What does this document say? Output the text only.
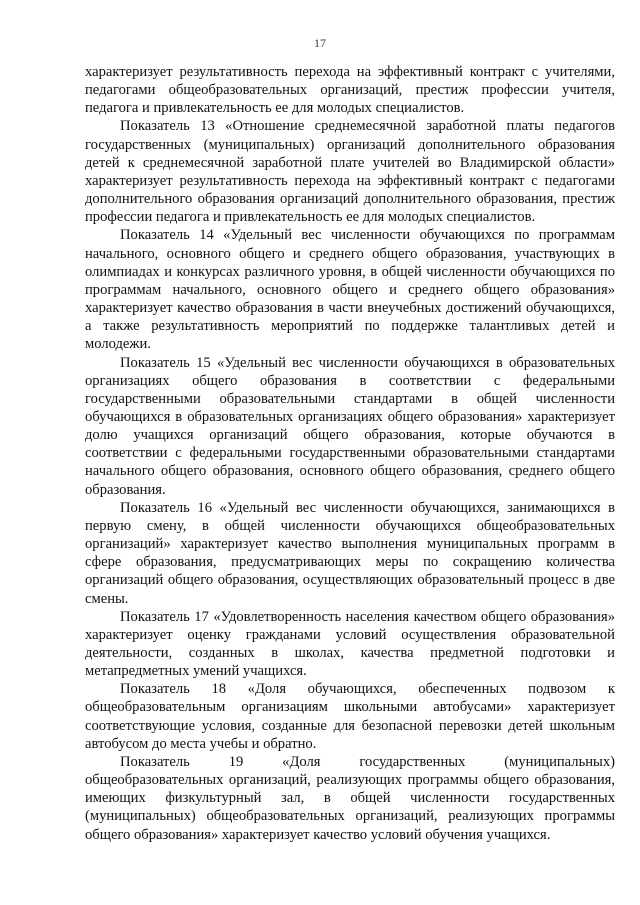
17

характеризует результативность перехода на эффективный контракт с учителями, педагогами общеобразовательных организаций, престиж профессии учителя, педагога и привлекательность ее для молодых специалистов.

Показатель 13 «Отношение среднемесячной заработной платы педагогов государственных (муниципальных) организаций дополнительного образования детей к среднемесячной заработной плате учителей во Владимирской области» характеризует результативность перехода на эффективный контракт с педагогами дополнительного образования организаций дополнительного образования, престиж профессии педагога и привлекательность ее для молодых специалистов.

Показатель 14 «Удельный вес численности обучающихся по программам начального, основного общего и среднего общего образования, участвующих в олимпиадах и конкурсах различного уровня, в общей численности обучающихся по программам начального, основного общего и среднего общего образования» характеризует качество образования в части внеучебных достижений обучающихся, а также результативность мероприятий по поддержке талантливых детей и молодежи.

Показатель 15 «Удельный вес численности обучающихся в образовательных организациях общего образования в соответствии с федеральными государственными образовательными стандартами в общей численности обучающихся в образовательных организациях общего образования» характеризует долю учащихся организаций общего образования, которые обучаются в соответствии с федеральными государственными образовательными стандартами начального общего образования, основного общего образования, среднего общего образования.

Показатель 16 «Удельный вес численности обучающихся, занимающихся в первую смену, в общей численности обучающихся общеобразовательных организаций» характеризует качество выполнения муниципальных программ в сфере образования, предусматривающих меры по сокращению количества организаций общего образования, осуществляющих образовательный процесс в две смены.

Показатель 17 «Удовлетворенность населения качеством общего образования» характеризует оценку гражданами условий осуществления образовательной деятельности, созданных в школах, качества предметной подготовки и метапредметных умений учащихся.

Показатель 18 «Доля обучающихся, обеспеченных подвозом к общеобразовательным организациям школьными автобусами» характеризует соответствующие условия, созданные для безопасной перевозки детей школьным автобусом до места учебы и обратно.

Показатель 19 «Доля государственных (муниципальных) общеобразовательных организаций, реализующих программы общего образования, имеющих физкультурный зал, в общей численности государственных (муниципальных) общеобразовательных организаций, реализующих программы общего образования» характеризует качество условий обучения учащихся.
